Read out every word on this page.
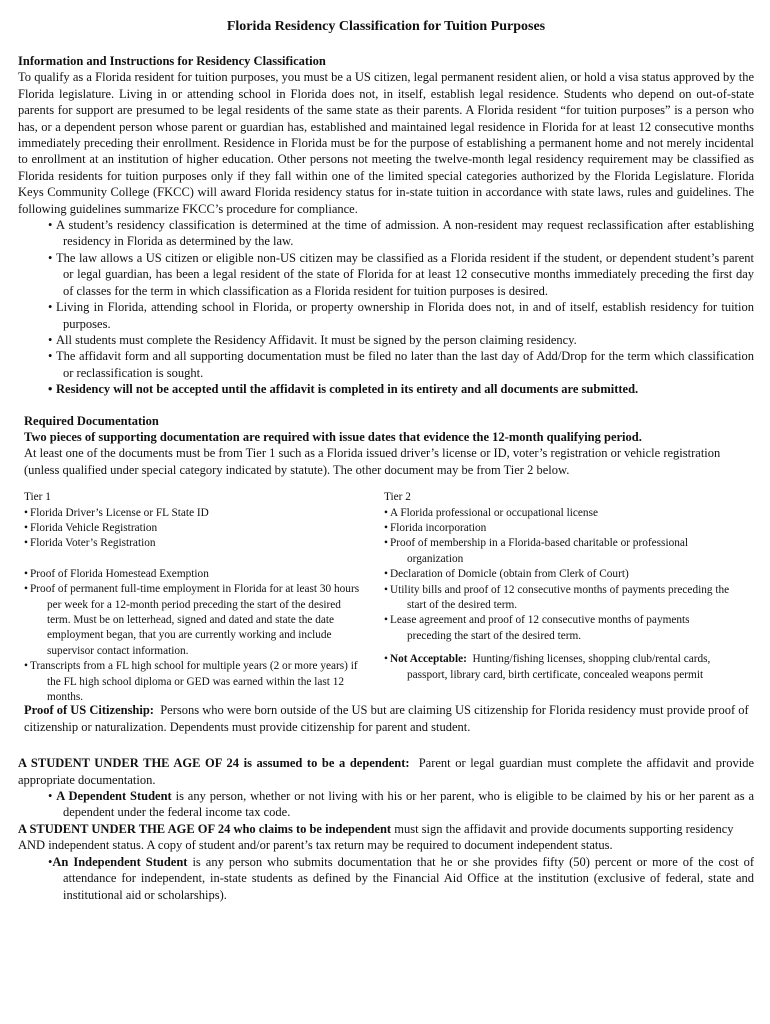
Florida Residency Classification for Tuition Purposes
Information and Instructions for Residency Classification

To qualify as a Florida resident for tuition purposes, you must be a US citizen, legal permanent resident alien, or hold a visa status approved by the Florida legislature. Living in or attending school in Florida does not, in itself, establish legal residence. Students who depend on out-of-state parents for support are presumed to be legal residents of the same state as their parents. A Florida resident “for tuition purposes” is a person who has, or a dependent person whose parent or guardian has, established and maintained legal residence in Florida for at least 12 consecutive months immediately preceding their enrollment. Residence in Florida must be for the purpose of establishing a permanent home and not merely incidental to enrollment at an institution of higher education. Other persons not meeting the twelve-month legal residency requirement may be classified as Florida residents for tuition purposes only if they fall within one of the limited special categories authorized by the Florida Legislature. Florida Keys Community College (FKCC) will award Florida residency status for in-state tuition in accordance with state laws, rules and guidelines. The following guidelines summarize FKCC’s procedure for compliance.

• A student’s residency classification is determined at the time of admission. A non-resident may request reclassification after establishing residency in Florida as determined by the law.
• The law allows a US citizen or eligible non-US citizen may be classified as a Florida resident if the student, or dependent student’s parent or legal guardian, has been a legal resident of the state of Florida for at least 12 consecutive months immediately preceding the first day of classes for the term in which classification as a Florida resident for tuition purposes is desired.
• Living in Florida, attending school in Florida, or property ownership in Florida does not, in and of itself, establish residency for tuition purposes.
• All students must complete the Residency Affidavit. It must be signed by the person claiming residency.
• The affidavit form and all supporting documentation must be filed no later than the last day of Add/Drop for the term which classification or reclassification is sought.
• Residency will not be accepted until the affidavit is completed in its entirety and all documents are submitted.
Required Documentation
Two pieces of supporting documentation are required with issue dates that evidence the 12-month qualifying period.

At least one of the documents must be from Tier 1 such as a Florida issued driver’s license or ID, voter’s registration or vehicle registration (unless qualified under special category indicated by statute). The other document may be from Tier 2 below.

Tier 1
• Florida Driver’s License or FL State ID
• Florida Vehicle Registration
• Florida Voter’s Registration
• Proof of Florida Homestead Exemption
• Proof of permanent full-time employment in Florida for at least 30 hours per week for a 12-month period preceding the start of the desired term. Must be on letterhead, signed and dated and state the date employment began, that you are currently working and include supervisor contact information.
• Transcripts from a FL high school for multiple years (2 or more years) if the FL high school diploma or GED was earned within the last 12 months.
Tier 2
• A Florida professional or occupational license
• Florida incorporation
• Proof of membership in a Florida-based charitable or professional organization
• Declaration of Domicle (obtain from Clerk of Court)
• Utility bills and proof of 12 consecutive months of payments preceding the start of the desired term.
• Lease agreement and proof of 12 consecutive months of payments preceding the start of the desired term.
• Not Acceptable: Hunting/fishing licenses, shopping club/rental cards, passport, library card, birth certificate, concealed weapons permit
Proof of US Citizenship: Persons who were born outside of the US but are claiming US citizenship for Florida residency must provide proof of citizenship or naturalization. Dependents must provide citizenship for parent and student.

A STUDENT UNDER THE AGE OF 24 is assumed to be a dependent: Parent or legal guardian must complete the affidavit and provide appropriate documentation.

• A Dependent Student is any person, whether or not living with his or her parent, who is eligible to be claimed by his or her parent as a dependent under the federal income tax code.

A STUDENT UNDER THE AGE OF 24 who claims to be independent must sign the affidavit and provide documents supporting residency AND independent status. A copy of student and/or parent’s tax return may be required to document independent status.

•An Independent Student is any person who submits documentation that he or she provides fifty (50) percent or more of the cost of attendance for independent, in-state students as defined by the Financial Aid Office at the institution (exclusive of federal, state and institutional aid or scholarships).
